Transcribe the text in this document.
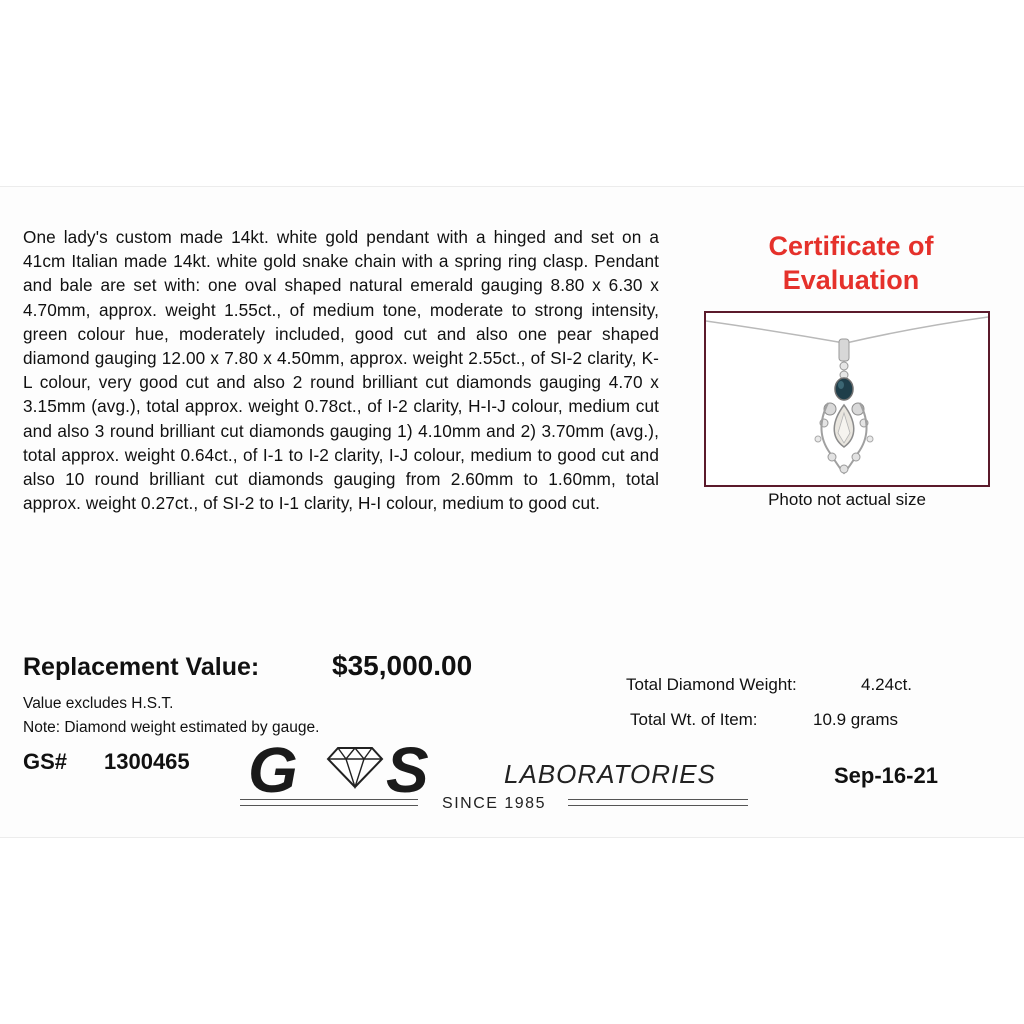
One lady's custom made 14kt. white gold pendant with a hinged and set on a 41cm Italian made 14kt. white gold snake chain with a spring ring clasp. Pendant and bale are set with: one oval shaped natural emerald gauging 8.80 x 6.30 x 4.70mm, approx. weight 1.55ct., of medium tone, moderate to strong intensity, green colour hue, moderately included, good cut and also one pear shaped diamond gauging 12.00 x 7.80 x 4.50mm, approx. weight 2.55ct., of SI-2 clarity, K-L colour, very good cut and also 2 round brilliant cut diamonds gauging 4.70 x 3.15mm (avg.), total approx. weight 0.78ct., of I-2 clarity, H-I-J colour, medium cut and also 3 round brilliant cut diamonds gauging 1) 4.10mm and 2) 3.70mm (avg.), total approx. weight 0.64ct., of I-1 to I-2 clarity, I-J colour, medium to good cut and also 10 round brilliant cut diamonds gauging from 2.60mm to 1.60mm, total approx. weight 0.27ct., of SI-2 to I-1 clarity, H-I colour, medium to good cut.

Certificate of
Evaluation
Photo not actual size
Replacement Value:	$35,000.00
Value excludes H.S.T.
Note: Diamond weight estimated by gauge.
GS# 1300465
Total Diamond Weight:	4.24ct.
Total Wt. of Item:	10.9 grams
Sep-16-21
G S	LABORATORIES
SINCE 1985
